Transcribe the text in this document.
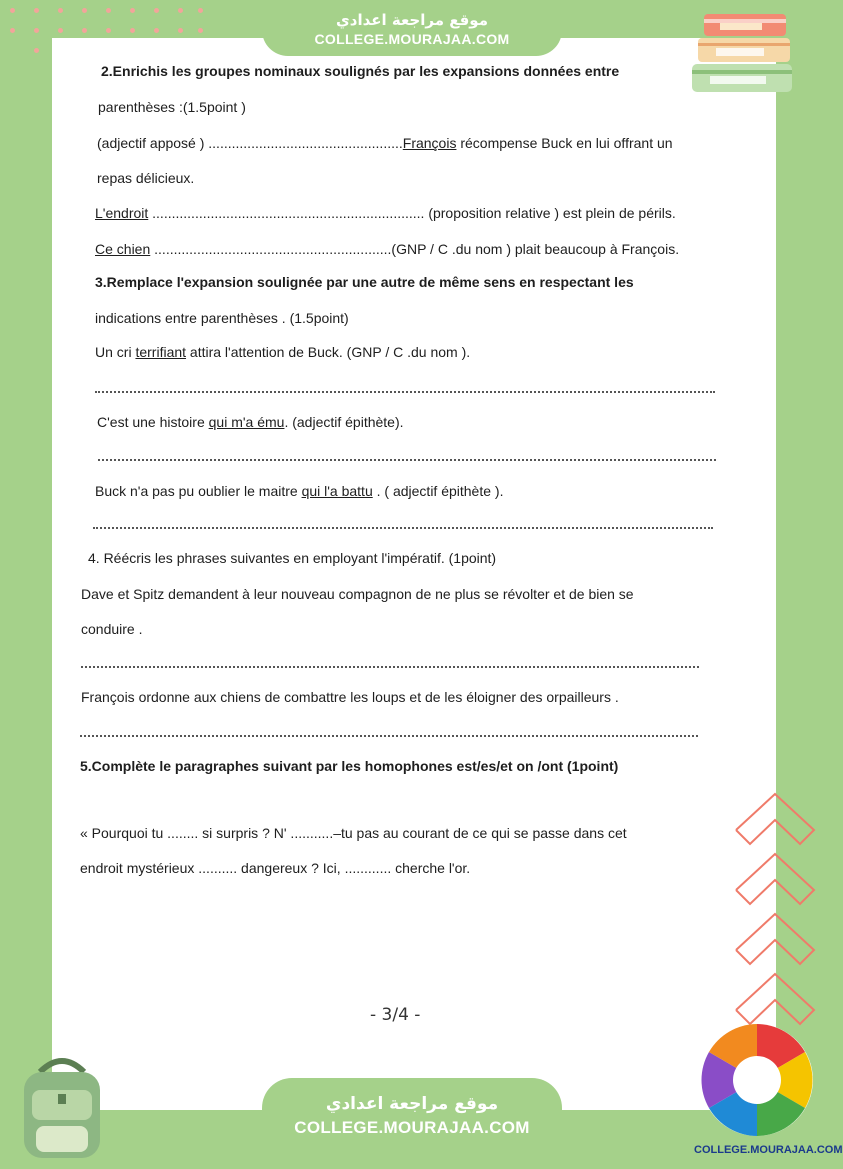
موقع مراجعة اعدادي
COLLEGE.MOURAJAA.COM
2.Enrichis les groupes nominaux soulignés par les expansions données entre
parenthèses :(1.5point )
(adjectif apposé ) ..................................................François récompense Buck en lui offrant un
repas délicieux.
L'endroit ...................................................................... (proposition relative ) est plein de périls.
Ce chien .............................................................(GNP / C .du nom ) plait beaucoup à François.
3.Remplace l'expansion soulignée par une autre de même sens en respectant les
indications entre parenthèses . (1.5point)
Un cri terrifiant attira l'attention de Buck. (GNP / C .du nom ).
C'est une histoire qui m'a ému. (adjectif épithète).
Buck n'a pas pu oublier le maitre qui l'a battu . ( adjectif épithète ).
4. Réécris les phrases suivantes en employant l'impératif. (1point)
Dave et Spitz demandent à leur nouveau compagnon de ne plus se révolter et de bien se
conduire .
François ordonne aux chiens de combattre les loups et de les éloigner des orpailleurs .
5.Complète le paragraphes suivant par les homophones est/es/et on /ont (1point)
« Pourquoi tu ........ si surpris ? N' ...........–tu pas au courant de ce qui se passe dans cet
endroit mystérieux .......... dangereux ? Ici, ............ cherche l'or.
- 3/4 -
COLLEGE.MOURAJAA.COM
موقع مراجعة اعدادي
COLLEGE.MOURAJAA.COM
